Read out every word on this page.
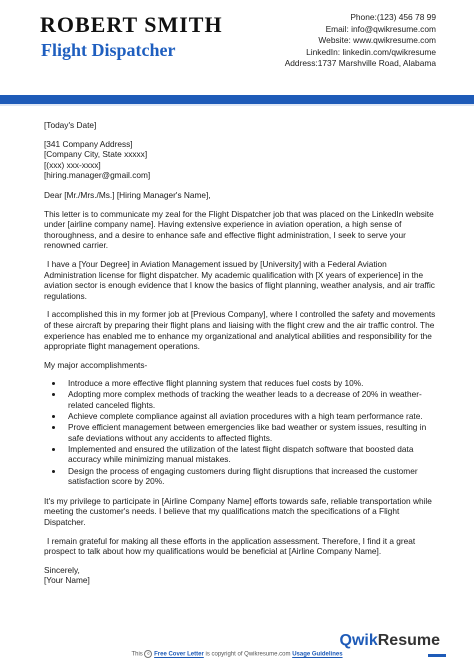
ROBERT SMITH
Flight Dispatcher
Phone:(123) 456 78 99
Email: info@qwikresume.com
Website: www.qwikresume.com
LinkedIn: linkedin.com/qwikresume
Address:1737 Marshville Road, Alabama

[Today's Date]

[341 Company Address]
[Company City, State xxxxx]
[(xxx) xxx-xxxx]
[hiring.manager@gmail.com]

Dear [Mr./Mrs./Ms.] [Hiring Manager's Name],

This letter is to communicate my zeal for the Flight Dispatcher job that was placed on the LinkedIn website under [airline company name]. Having extensive experience in aviation operation, a high sense of thoroughness, and a desire to enhance safe and effective flight administration, I seek to serve your renowned carrier.

I have a [Your Degree] in Aviation Management issued by [University] with a Federal Aviation Administration license for flight dispatcher. My academic qualification with [X years of experience] in the aviation sector is enough evidence that I know the basics of flight planning, weather analysis, and air traffic regulations.

I accomplished this in my former job at [Previous Company], where I controlled the safety and movements of these aircraft by preparing their flight plans and liaising with the flight crew and the air traffic control. The experience has enabled me to enhance my organizational and analytical abilities and responsibility for the appropriate flight management operations.

My major accomplishments-

• Introduce a more effective flight planning system that reduces fuel costs by 10%.
• Adopting more complex methods of tracking the weather leads to a decrease of 20% in weather-related canceled flights.
• Achieve complete compliance against all aviation procedures with a high team performance rate.
• Prove efficient management between emergencies like bad weather or system issues, resulting in safe deviations without any accidents to affected flights.
• Implemented and ensured the utilization of the latest flight dispatch software that boosted data accuracy while minimizing manual mistakes.
• Design the process of engaging customers during flight disruptions that increased the customer satisfaction score by 20%.

It's my privilege to participate in [Airline Company Name] efforts towards safe, reliable transportation while meeting the customer's needs. I believe that my qualifications match the specifications of a Flight Dispatcher.

I remain grateful for making all these efforts in the application assessment. Therefore, I find it a great prospect to talk about how my qualifications would be beneficial at [Airline Company Name].

Sincerely,
[Your Name]
This © Free Cover Letter is copyright of Qwikresume.com Usage Guidelines
QwikResume
